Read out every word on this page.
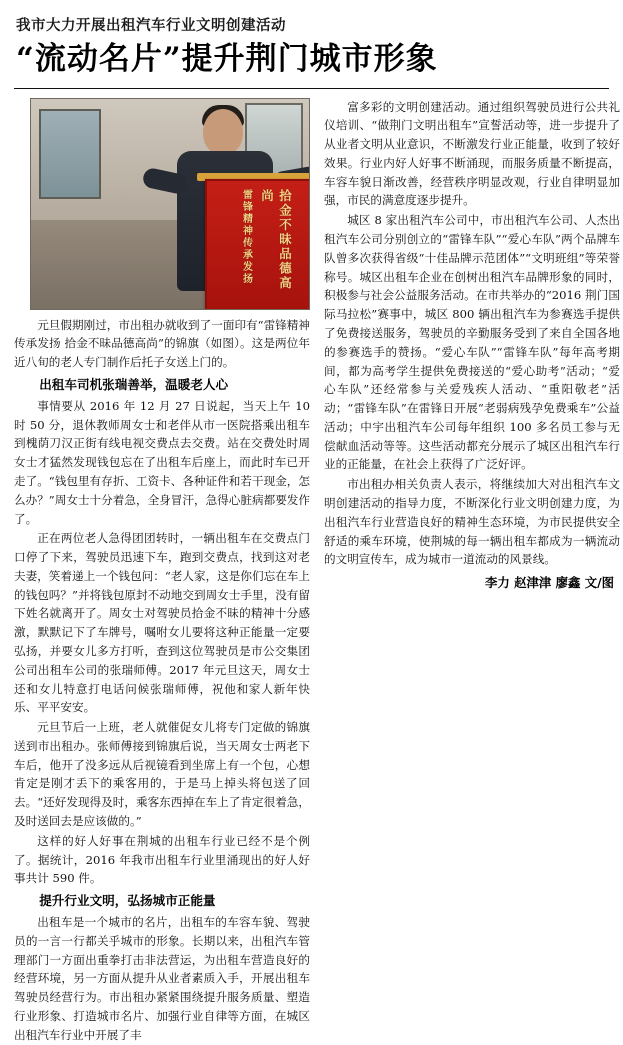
我市大力开展出租汽车行业文明创建活动
“流动名片”提升荆门城市形象
拾金不昧品德高尚
雷锋精神传承发扬

元旦假期刚过，市出租办就收到了一面印有“雷锋精神传承发扬 拾金不昧品德高尚”的锦旗（如图）。这是两位年近八旬的老人专门制作后托子女送上门的。

出租车司机张瑞善举，温暖老人心

事情要从 2016 年 12 月 27 日说起，当天上午 10 时 50 分，退休教师周女士和老伴从市一医院搭乘出租车到槐荫刀汉正街有线电视交费点去交费。站在交费处时周女士才猛然发现钱包忘在了出租车后座上，而此时车已开走了。“钱包里有存折、工资卡、各种证件和若干现金，怎么办？”周女士十分着急，全身冒汗，急得心脏病都要发作了。

正在两位老人急得团团转时，一辆出租车在交费点门口停了下来，驾驶员迅速下车，跑到交费点，找到这对老夫妻，笑着递上一个钱包问：“老人家，这是你们忘在车上的钱包吗？”并将钱包原封不动地交到周女士手里，没有留下姓名就离开了。周女士对驾驶员拾金不昧的精神十分感激，默默记下了车牌号，嘱咐女儿要将这种正能量一定要弘扬，并要女儿多方打听，查到这位驾驶员是市公交集团公司出租车公司的张瑞师傅。2017 年元旦这天，周女士还和女儿特意打电话问候张瑞师傅，祝他和家人新年快乐、平平安安。

元旦节后一上班，老人就催促女儿将专门定做的锦旗送到市出租办。张师傅接到锦旗后说，当天周女士两老下车后，他开了没多远从后视镜看到坐席上有一个包，心想肯定是刚才丢下的乘客用的，于是马上掉头将包送了回去。“还好发现得及时，乘客东西掉在车上了肯定很着急，及时送回去是应该做的。”

这样的好人好事在荆城的出租车行业已经不是个例了。据统计，2016 年我市出租车行业里涌现出的好人好事共计 590 件。

提升行业文明，弘扬城市正能量

出租车是一个城市的名片，出租车的车容车貌、驾驶员的一言一行都关乎城市的形象。长期以来，出租汽车管理部门一方面出重拳打击非法营运，为出租车营造良好的经营环境，另一方面从提升从业者素质入手，开展出租车驾驶员经营行为。市出租办紧紧围绕提升服务质量、塑造行业形象、打造城市名片、加强行业自律等方面，在城区出租汽车行业中开展了丰

富多彩的文明创建活动。通过组织驾驶员进行公共礼仪培训、“做荆门文明出租车”宣誓活动等，进一步提升了从业者文明从业意识，不断激发行业正能量，收到了较好效果。行业内好人好事不断涌现，而服务质量不断提高，车容车貌日渐改善，经营秩序明显改观，行业自律明显加强，市民的满意度逐步提升。

城区 8 家出租汽车公司中，市出租汽车公司、人杰出租汽车公司分别创立的“雷锋车队”“爱心车队”两个品牌车队曾多次获得省级“十佳品牌示范团体”“文明班组”等荣誉称号。城区出租车企业在创树出租汽车品牌形象的同时，积极参与社会公益服务活动。在市共举办的“2016 荆门国际马拉松”赛事中，城区 800 辆出租汽车为参赛选手提供了免费接送服务，驾驶员的辛勤服务受到了来自全国各地的参赛选手的赞扬。“爱心车队”“雷锋车队”每年高考期间，都为高考学生提供免费接送的“爱心助考”活动；“爱心车队”还经常参与关爱残疾人活动、“重阳敬老”活动；“雷锋车队”在雷锋日开展“老弱病残孕免费乘车”公益活动；中宇出租汽车公司每年组织 100 多名员工参与无偿献血活动等等。这些活动都充分展示了城区出租汽车行业的正能量，在社会上获得了广泛好评。

市出租办相关负责人表示，将继续加大对出租汽车文明创建活动的指导力度，不断深化行业文明创建力度，为出租汽车行业营造良好的精神生态环境，为市民提供安全舒适的乘车环境，使荆城的每一辆出租车都成为一辆流动的文明宣传车，成为城市一道流动的风景线。

李力 赵津津 廖鑫 文/图
